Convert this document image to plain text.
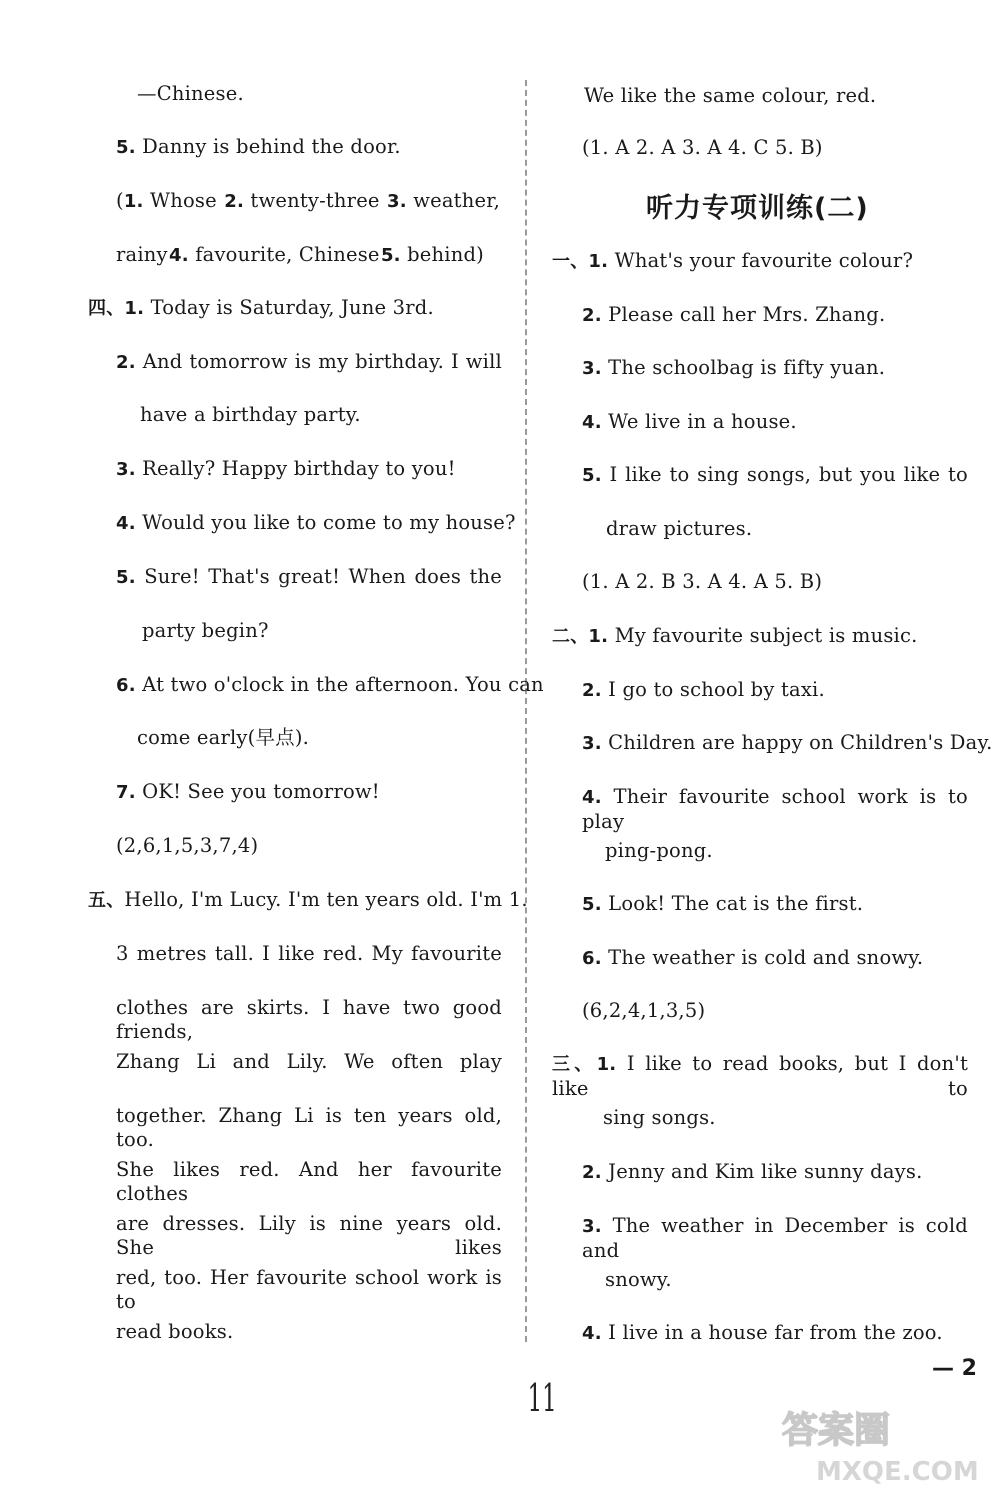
—Chinese.
5. Danny is behind the door.
(1. Whose 2. twenty-three 3. weather,
rainy 4. favourite, Chinese 5. behind)
四、1. Today is Saturday, June 3rd.
2. And tomorrow is my birthday. I will
have a birthday party.
3. Really? Happy birthday to you!
4. Would you like to come to my house?
5. Sure! That's great! When does the
party begin?
6. At two o'clock in the afternoon. You can
come early(早点).
7. OK! See you tomorrow!
(2,6,1,5,3,7,4)
五、Hello, I'm Lucy. I'm ten years old. I'm 1.
3 metres tall. I like red. My favourite
clothes are skirts. I have two good friends,
Zhang Li and Lily. We often play
together. Zhang Li is ten years old, too.
She likes red. And her favourite clothes
are dresses. Lily is nine years old. She likes
red, too. Her favourite school work is to
read books.
We like the same colour, red.
(1. A 2. A 3. A 4. C 5. B)
听力专项训练(二)
一、1. What's your favourite colour?
2. Please call her Mrs. Zhang.
3. The schoolbag is fifty yuan.
4. We live in a house.
5. I like to sing songs, but you like to
draw pictures.
(1. A 2. B 3. A 4. A 5. B)
二、1. My favourite subject is music.
2. I go to school by taxi.
3. Children are happy on Children's Day.
4. Their favourite school work is to play
ping-pong.
5. Look! The cat is the first.
6. The weather is cold and snowy.
(6,2,4,1,3,5)
三、1. I like to read books, but I don't like to
sing songs.
2. Jenny and Kim like sunny days.
3. The weather in December is cold and
snowy.
4. I live in a house far from the zoo.
— 2
11
答案圈
MXQE.COM
